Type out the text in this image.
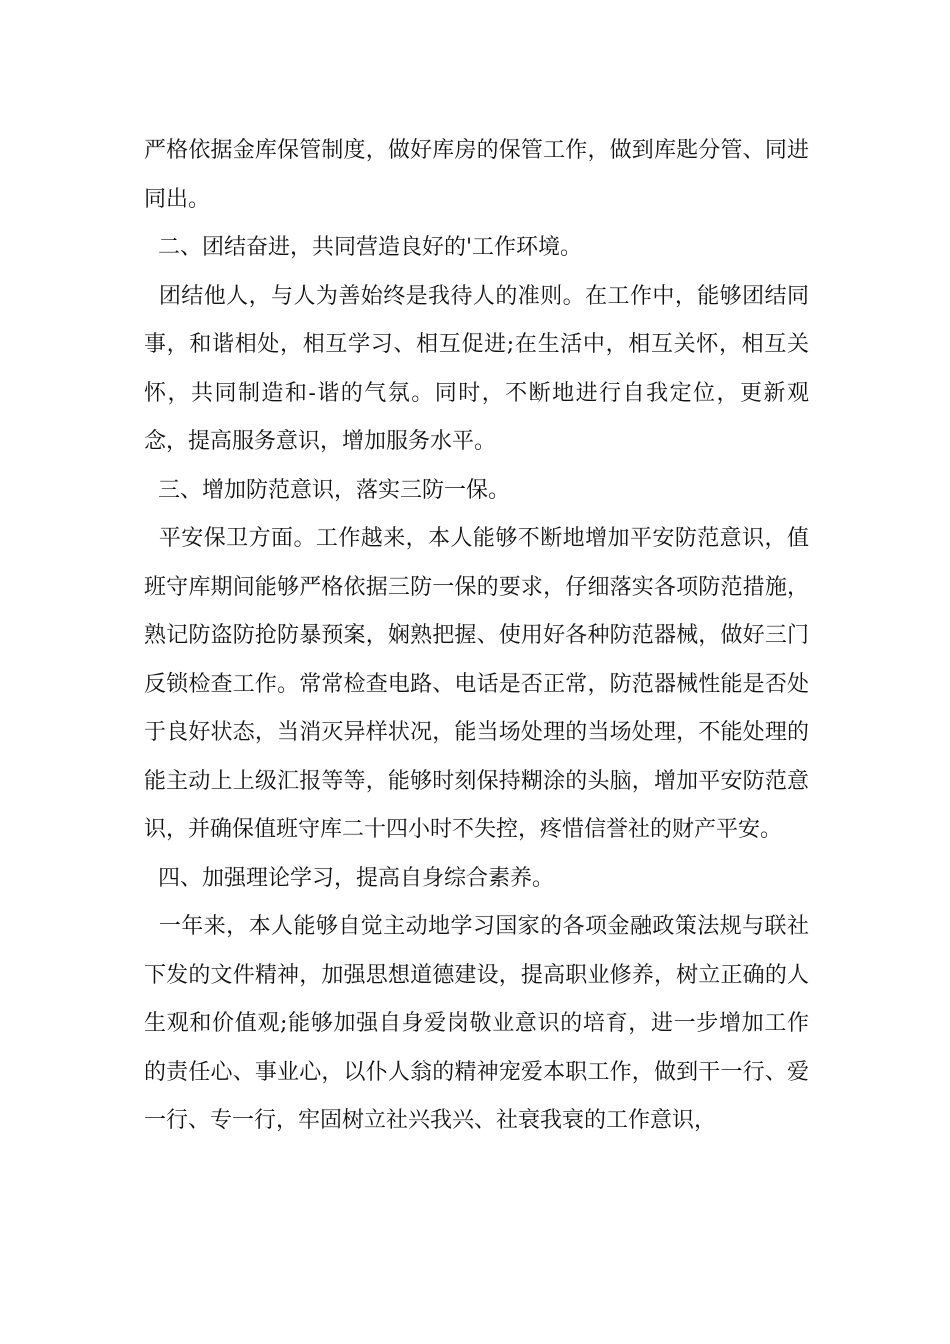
严格依据金库保管制度，做好库房的保管工作，做到库匙分管、同进同出。

二、团结奋进，共同营造良好的'工作环境。

团结他人，与人为善始终是我待人的准则。在工作中，能够团结同事，和谐相处，相互学习、相互促进;在生活中，相互关怀，相互关怀，共同制造和-谐的气氛。同时，不断地进行自我定位，更新观念，提高服务意识，增加服务水平。

三、增加防范意识，落实三防一保。

平安保卫方面。工作越来，本人能够不断地增加平安防范意识，值班守库期间能够严格依据三防一保的要求，仔细落实各项防范措施，熟记防盗防抢防暴预案，娴熟把握、使用好各种防范器械，做好三门反锁检查工作。常常检查电路、电话是否正常，防范器械性能是否处于良好状态，当消灭异样状况，能当场处理的当场处理，不能处理的能主动上上级汇报等等，能够时刻保持糊涂的头脑，增加平安防范意识，并确保值班守库二十四小时不失控，疼惜信誉社的财产平安。

四、加强理论学习，提高自身综合素养。

一年来，本人能够自觉主动地学习国家的各项金融政策法规与联社下发的文件精神，加强思想道德建设，提高职业修养，树立正确的人生观和价值观;能够加强自身爱岗敬业意识的培育，进一步增加工作的责任心、事业心，以仆人翁的精神宠爱本职工作，做到干一行、爱一行、专一行，牢固树立社兴我兴、社衰我衰的工作意识，
